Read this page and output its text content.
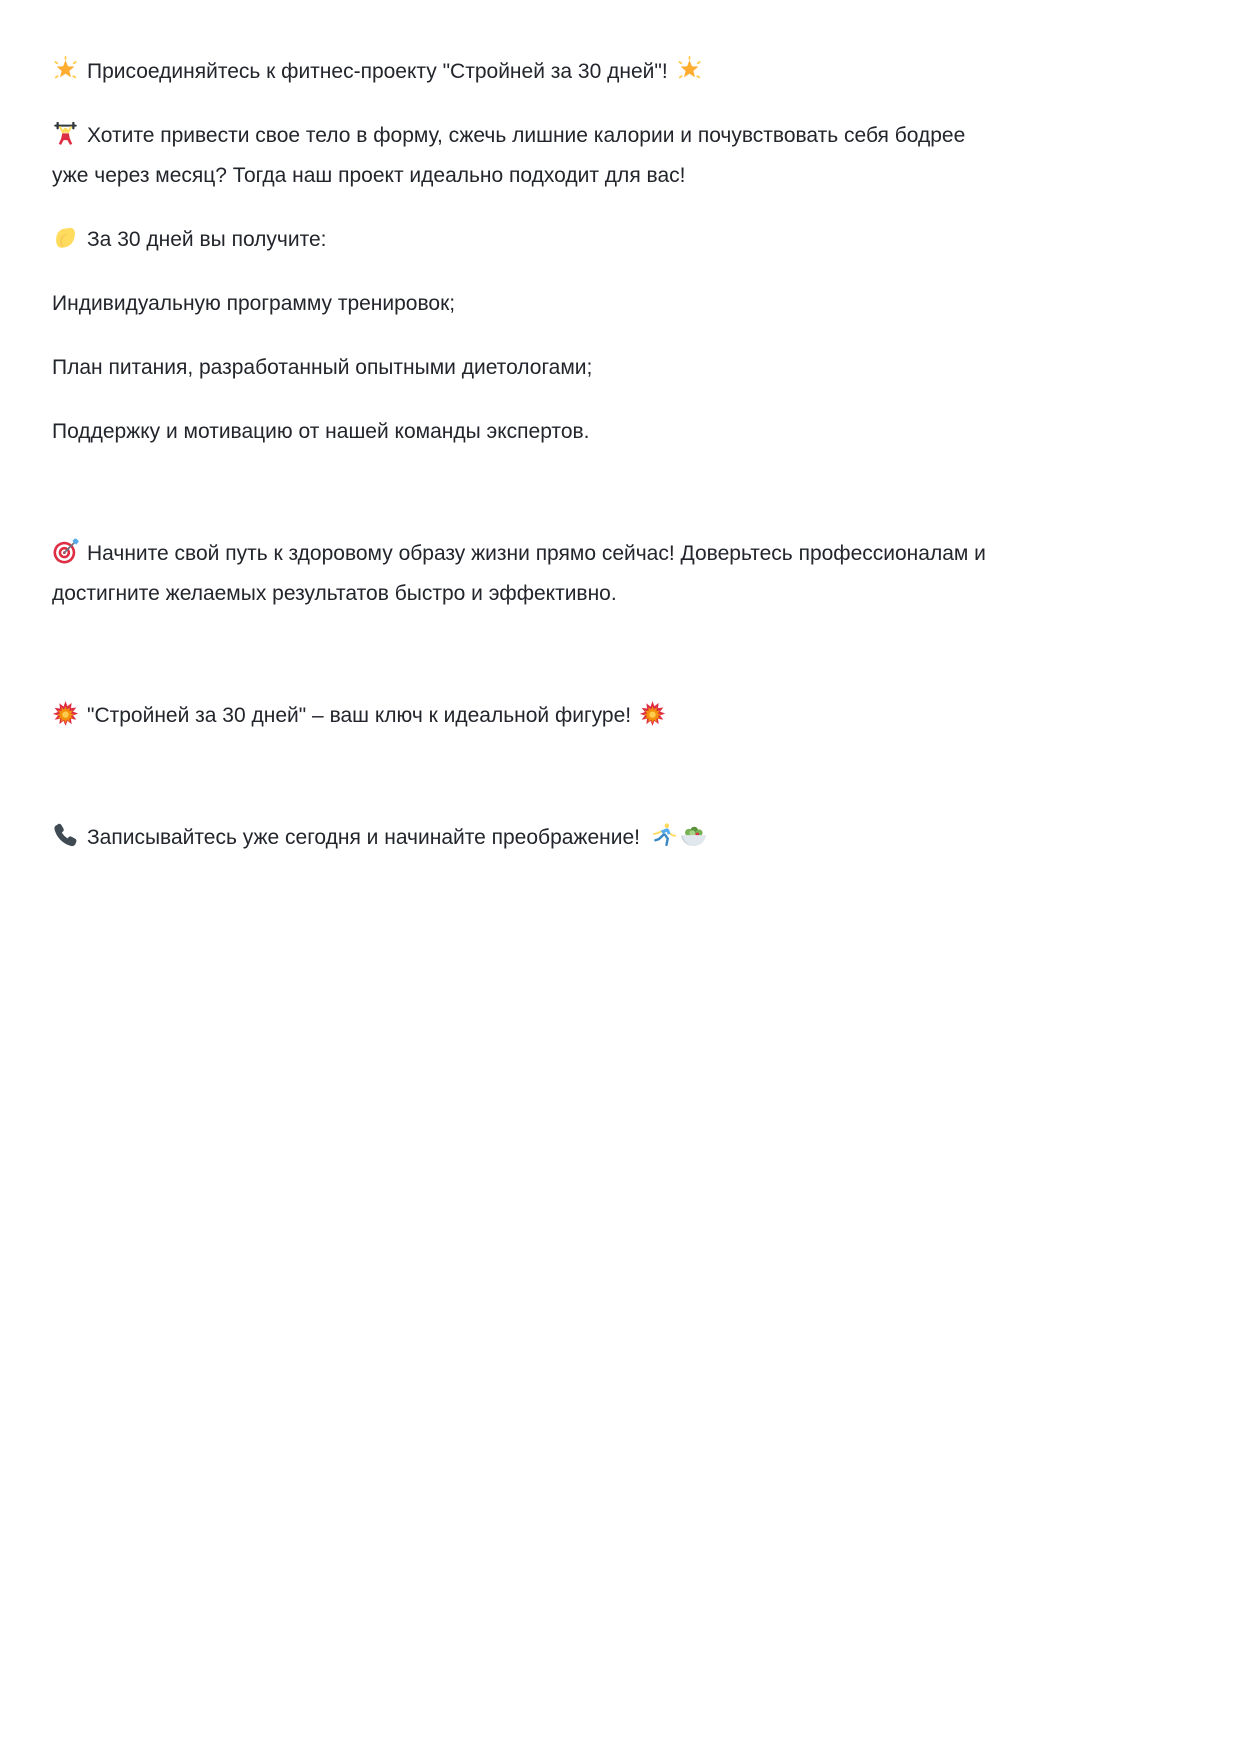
Присоединяйтесь к фитнес-проекту "Стройней за 30 дней"!

Хотите привести свое тело в форму, сжечь лишние калории и почувствовать себя бодрее уже через месяц? Тогда наш проект идеально подходит для вас!

За 30 дней вы получите:

Индивидуальную программу тренировок;

План питания, разработанный опытными диетологами;

Поддержку и мотивацию от нашей команды экспертов.

Начните свой путь к здоровому образу жизни прямо сейчас! Доверьтесь профессионалам и достигните желаемых результатов быстро и эффективно.

"Стройней за 30 дней" – ваш ключ к идеальной фигуре!

Записывайтесь уже сегодня и начинайте преображение!
